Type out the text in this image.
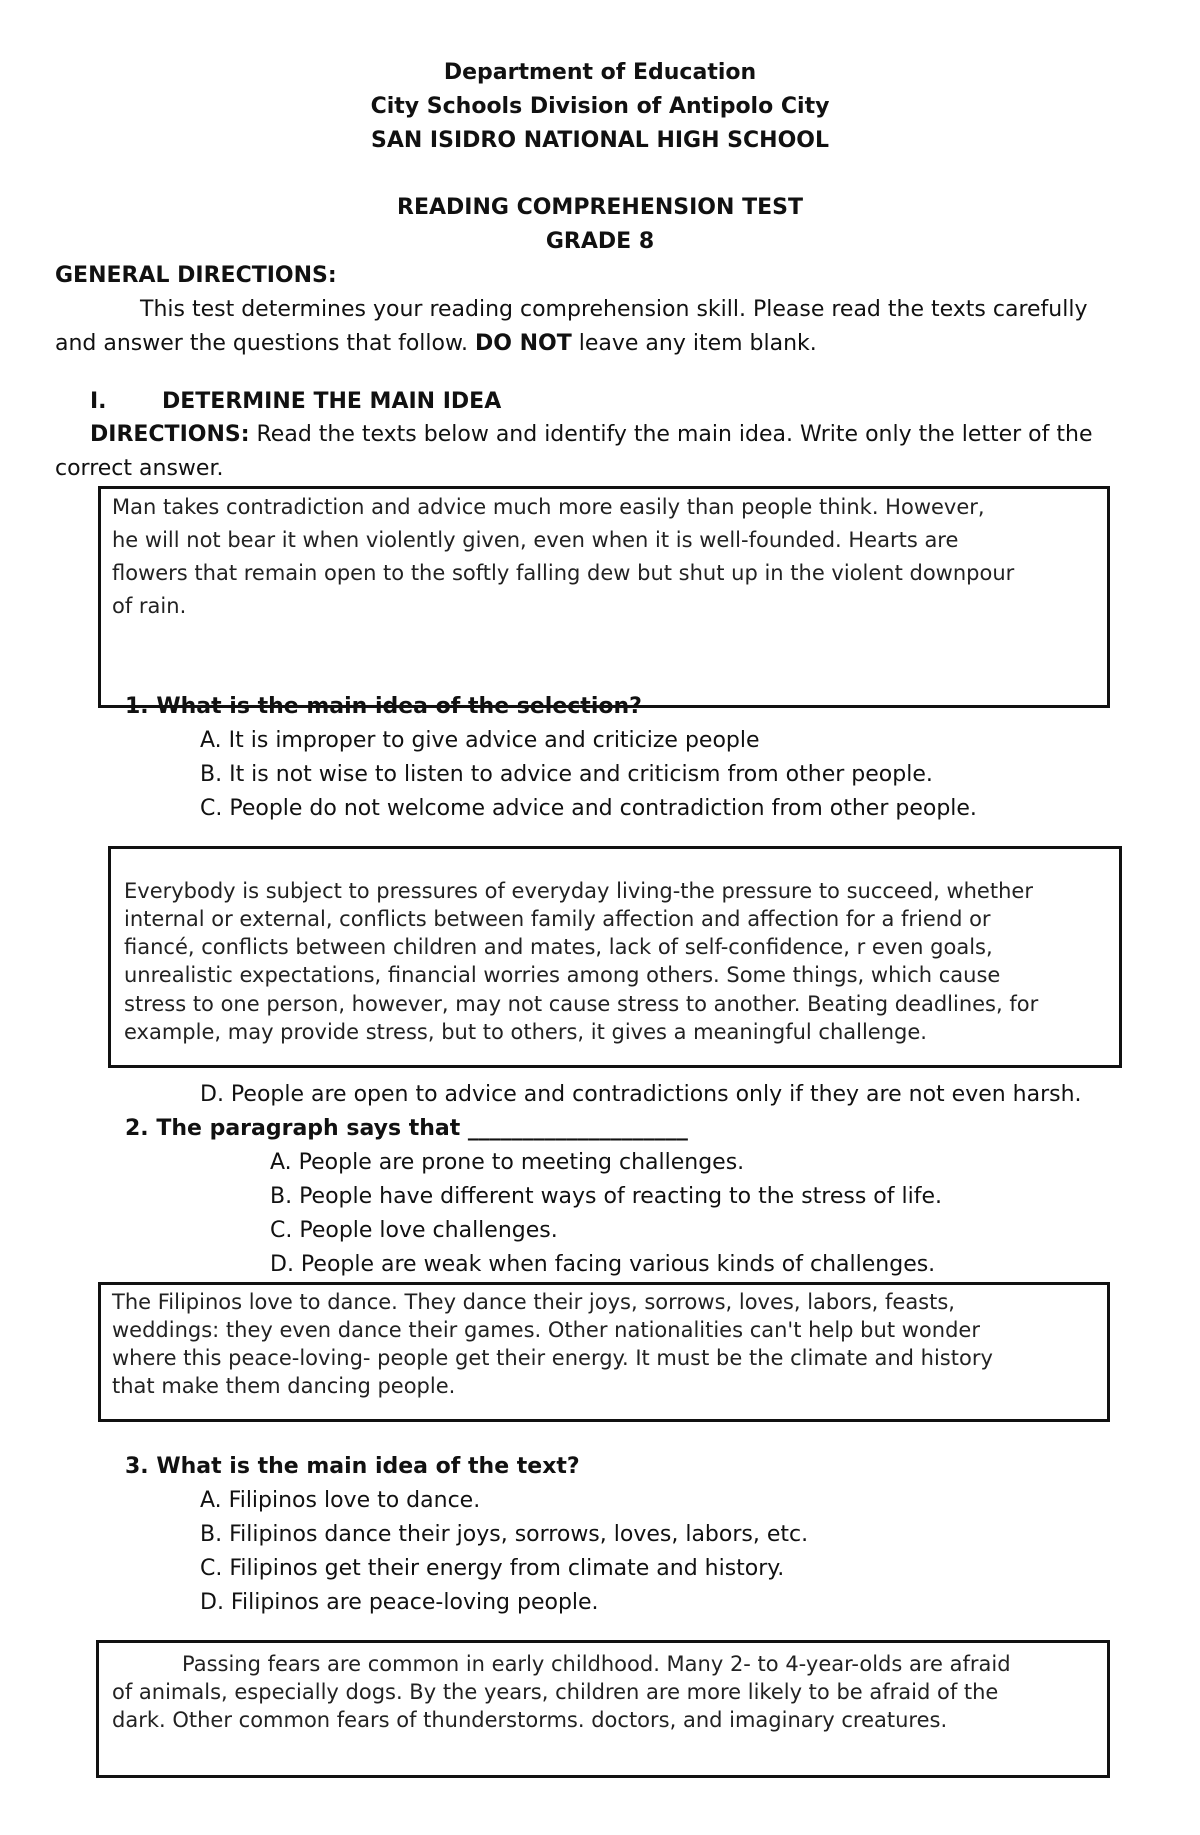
Department of Education
City Schools Division of Antipolo City
SAN ISIDRO NATIONAL HIGH SCHOOL
READING COMPREHENSION TEST
GRADE 8
GENERAL DIRECTIONS:
This test determines your reading comprehension skill. Please read the texts carefully
and answer the questions that follow. DO NOT leave any item blank.
I.	DETERMINE THE MAIN IDEA
DIRECTIONS: Read the texts below and identify the main idea. Write only the letter of the
correct answer.
Man takes contradiction and advice much more easily than people think. However,
he will not bear it when violently given, even when it is well-founded. Hearts are
flowers that remain open to the softly falling dew but shut up in the violent downpour
of rain.
1. What is the main idea of the selection?
A. It is improper to give advice and criticize people
B. It is not wise to listen to advice and criticism from other people.
C. People do not welcome advice and contradiction from other people.
Everybody is subject to pressures of everyday living-the pressure to succeed, whether
internal or external, conflicts between family affection and affection for a friend or
fiancé, conflicts between children and mates, lack of self-confidence, r even goals,
unrealistic expectations, financial worries among others. Some things, which cause
stress to one person, however, may not cause stress to another. Beating deadlines, for
example, may provide stress, but to others, it gives a meaningful challenge.
D. People are open to advice and contradictions only if they are not even harsh.
2. The paragraph says that ____________________
A. People are prone to meeting challenges.
B. People have different ways of reacting to the stress of life.
C. People love challenges.
D. People are weak when facing various kinds of challenges.
The Filipinos love to dance. They dance their joys, sorrows, loves, labors, feasts,
weddings: they even dance their games. Other nationalities can't help but wonder
where this peace-loving- people get their energy. It must be the climate and history
that make them dancing people.
3. What is the main idea of the text?
A. Filipinos love to dance.
B. Filipinos dance their joys, sorrows, loves, labors, etc.
C. Filipinos get their energy from climate and history.
D. Filipinos are peace-loving people.
Passing fears are common in early childhood. Many 2- to 4-year-olds are afraid
of animals, especially dogs. By the years, children are more likely to be afraid of the
dark. Other common fears of thunderstorms. doctors, and imaginary creatures.
